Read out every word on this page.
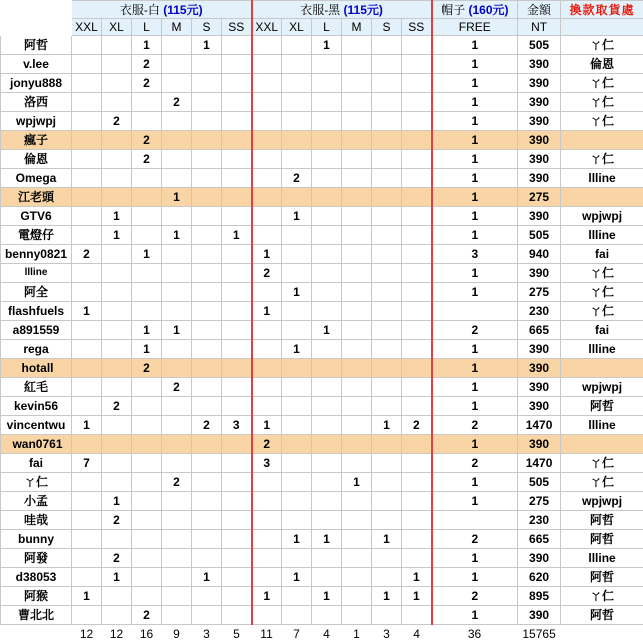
	衣服-白 (115元)						衣服-黑 (115元)						帽子 (160元)	金額	換款取貨處
	XXL	XL	L	M	S	SS	XXL	XL	L	M	S	SS	FREE	NT	
阿哲			1		1				1				1	505	ㄚ仁
v.lee			2										1	390	倫恩
jonyu888			2										1	390	ㄚ仁
洛西				2									1	390	ㄚ仁
wpjwpj		2											1	390	ㄚ仁
瘋子			2										1	390	
倫恩			2										1	390	ㄚ仁
Omega								2					1	390	llline
江老頭				1									1	275	
GTV6		1						1					1	390	wpjwpj
電燈仔		1		1		1							1	505	llline
benny0821	2		1				1						3	940	fai
llline							2						1	390	ㄚ仁
阿全								1					1	275	ㄚ仁
flashfuels	1						1							230	ㄚ仁
a891559			1	1					1				2	665	fai
rega			1					1					1	390	llline
hotall			2										1	390	
紅毛				2									1	390	wpjwpj
kevin56		2											1	390	阿哲
vincentwu	1				2	3	1				1	2	2	1470	llline
wan0761							2						1	390	
fai	7						3						2	1470	ㄚ仁
ㄚ仁				2						1			1	505	ㄚ仁
小孟		1											1	275	wpjwpj
哇哉		2												230	阿哲
bunny								1	1		1		2	665	阿哲
阿發		2											1	390	llline
d38053		1			1			1				1	1	620	阿哲
阿猴	1						1		1		1	1	2	895	ㄚ仁
曹北北			2										1	390	阿哲
	12	12	16	9	3	5	11	7	4	1	3	4	36	15765	
